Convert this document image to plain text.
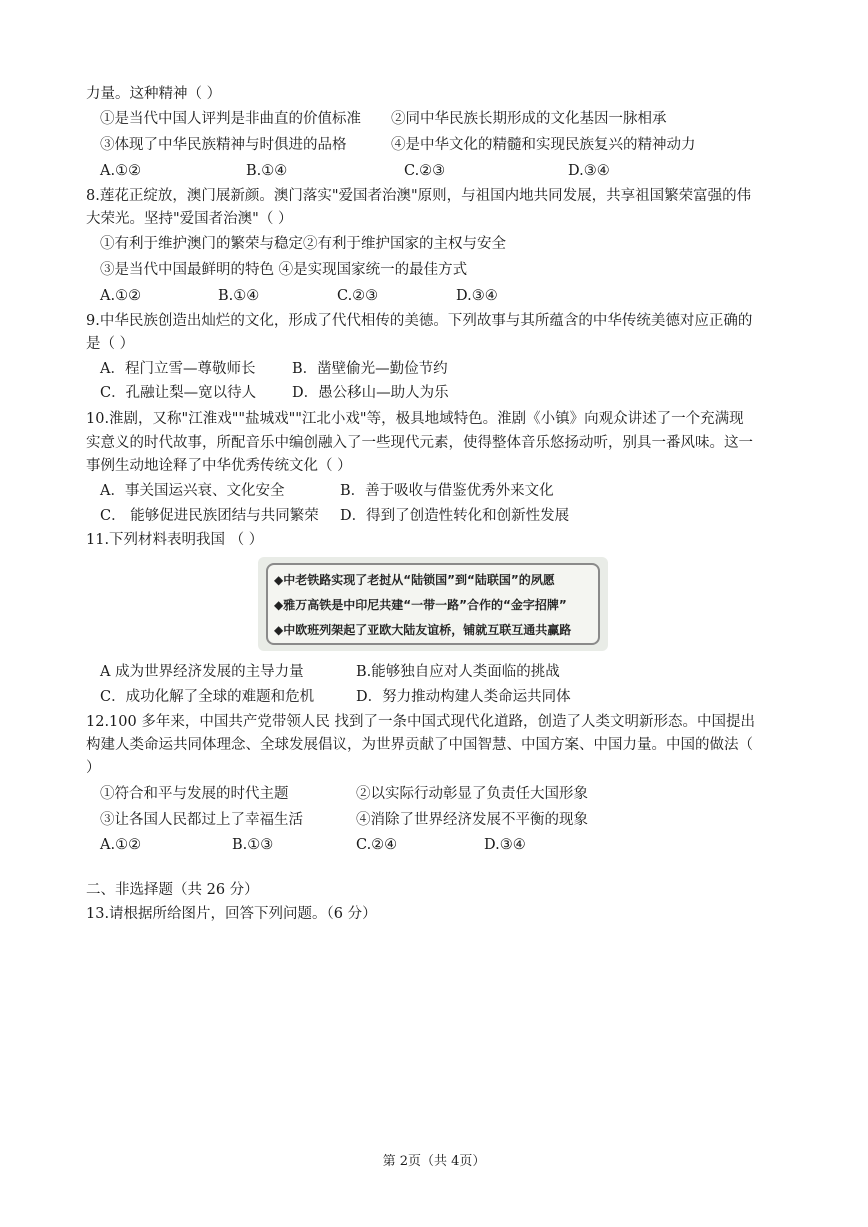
力量。这种精神（ ）
①是当代中国人评判是非曲直的价值标准 ②同中华民族长期形成的文化基因一脉相承
③体现了中华民族精神与时俱进的品格	④是中华文化的精髓和实现民族复兴的精神动力
A.①②	B.①④	C.②③	D.③④
8.莲花正绽放，澳门展新颜。澳门落实"爱国者治澳"原则，与祖国内地共同发展，共享祖国繁荣富强的伟
大荣光。坚持"爱国者治澳"（ ）
①有利于维护澳门的繁荣与稳定②有利于维护国家的主权与安全
③是当代中国最鲜明的特色 ④是实现国家统一的最佳方式
A.①②	B.①④	C.②③	D.③④
9.中华民族创造出灿烂的文化，形成了代代相传的美德。下列故事与其所蕴含的中华传统美德对应正确的
是（ ）
A．程门立雪—尊敬师长	B．凿壁偷光—勤俭节约
C．孔融让梨—宽以待人 D．愚公移山—助人为乐
10.淮剧，又称"江淮戏""盐城戏""江北小戏"等，极具地域特色。淮剧《小镇》向观众讲述了一个充满现
实意义的时代故事，所配音乐中编创融入了一些现代元素，使得整体音乐悠扬动听，别具一番风味。这一
事例生动地诠释了中华优秀传统文化（ ）
A．事关国运兴衰、文化安全	B．善于吸收与借鉴优秀外来文化
C． 能够促进民族团结与共同繁荣 D．得到了创造性转化和创新性发展
11.下列材料表明我国 （ ）
◆中老铁路实现了老挝从“陆锁国”到“陆联国”的夙愿
◆雅万高铁是中印尼共建“一带一路”合作的“金字招牌”
◆中欧班列架起了亚欧大陆友谊桥，铺就互联互通共赢路
A 成为世界经济发展的主导力量	B.能够独自应对人类面临的挑战
C．成功化解了全球的难题和危机	D．努力推动构建人类命运共同体
12.100 多年来，中国共产党带领人民 找到了一条中国式现代化道路，创造了人类文明新形态。中国提出
构建人类命运共同体理念、全球发展倡议，为世界贡献了中国智慧、中国方案、中国力量。中国的做法（
）
①符合和平与发展的时代主题	②以实际行动彰显了负责任大国形象
③让各国人民都过上了幸福生活	④消除了世界经济发展不平衡的现象
A.①②	B.①③	C.②④	D.③④
二、非选择题（共 26 分）
13.请根据所给图片，回答下列问题。（6 分）
第 2页（共 4页）
